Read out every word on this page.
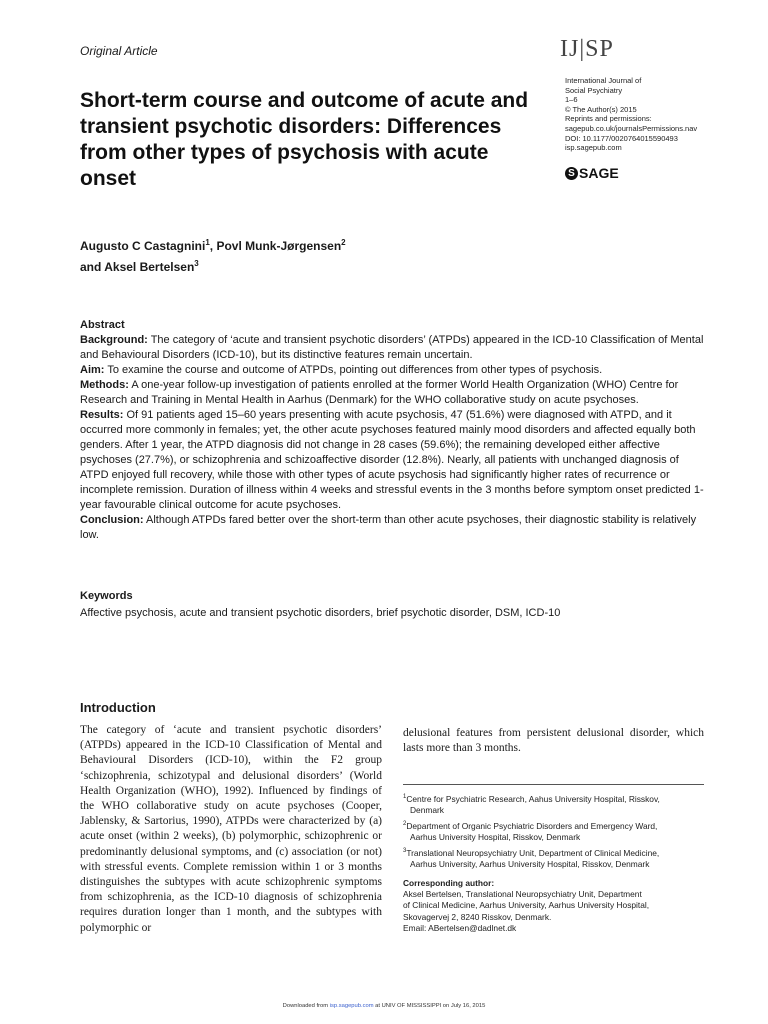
Original Article	IJ|SP
International Journal of
Social Psychiatry
1–6
© The Author(s) 2015
Reprints and permissions:
sagepub.co.uk/journalsPermissions.nav
DOI: 10.1177/0020764015590493
isp.sagepub.com
S SAGE
Short-term course and outcome of acute and transient psychotic disorders: Differences from other types of psychosis with acute onset
Augusto C Castagnini$^1$, Povl Munk-Jørgensen$^2$
and Aksel Bertelsen$^3$
Abstract

Background: The category of ‘acute and transient psychotic disorders’ (ATPDs) appeared in the ICD-10 Classification of Mental and Behavioural Disorders (ICD-10), but its distinctive features remain uncertain.

Aim: To examine the course and outcome of ATPDs, pointing out differences from other types of psychosis.

Methods: A one-year follow-up investigation of patients enrolled at the former World Health Organization (WHO) Centre for Research and Training in Mental Health in Aarhus (Denmark) for the WHO collaborative study on acute psychoses.

Results: Of 91 patients aged 15–60 years presenting with acute psychosis, 47 (51.6%) were diagnosed with ATPD, and it occurred more commonly in females; yet, the other acute psychoses featured mainly mood disorders and affected equally both genders. After 1 year, the ATPD diagnosis did not change in 28 cases (59.6%); the remaining developed either affective psychoses (27.7%), or schizophrenia and schizoaffective disorder (12.8%). Nearly, all patients with unchanged diagnosis of ATPD enjoyed full recovery, while those with other types of acute psychosis had significantly higher rates of recurrence or incomplete remission. Duration of illness within 4 weeks and stressful events in the 3 months before symptom onset predicted 1-year favourable clinical outcome for acute psychoses.

Conclusion: Although ATPDs fared better over the short-term than other acute psychoses, their diagnostic stability is relatively low.

Keywords
Affective psychosis, acute and transient psychotic disorders, brief psychotic disorder, DSM, ICD-10
Introduction

The category of ‘acute and transient psychotic disorders’ (ATPDs) appeared in the ICD-10 Classification of Mental and Behavioural Disorders (ICD-10), within the F2 group ‘schizophrenia, schizotypal and delusional disorders’ (World Health Organization (WHO), 1992). Influenced by findings of the WHO collaborative study on acute psychoses (Cooper, Jablensky, & Sartorius, 1990), ATPDs were characterized by (a) acute onset (within 2 weeks), (b) polymorphic, schizophrenic or predominantly delusional symptoms, and (c) association (or not) with stressful events. Complete remission within 1 or 3 months distinguishes the subtypes with acute schizophrenic symptoms from schizophrenia, as the ICD-10 diagnosis of schizophrenia requires duration longer than 1 month, and the subtypes with polymorphic or

delusional features from persistent delusional disorder, which lasts more than 3 months.

$^1$Centre for Psychiatric Research, Aahus University Hospital, Risskov,
Denmark
$^2$Department of Organic Psychiatric Disorders and Emergency Ward,
Aarhus University Hospital, Risskov, Denmark
$^3$Translational Neuropsychiatry Unit, Department of Clinical Medicine,
Aarhus University, Aarhus University Hospital, Risskov, Denmark
Corresponding author:
Aksel Bertelsen, Translational Neuropsychiatry Unit, Department
of Clinical Medicine, Aarhus University, Aarhus University Hospital,
Skovagervej 2, 8240 Risskov, Denmark.
Email: ABertelsen@dadlnet.dk
Downloaded from isp.sagepub.com at UNIV OF MISSISSIPPI on July 16, 2015
